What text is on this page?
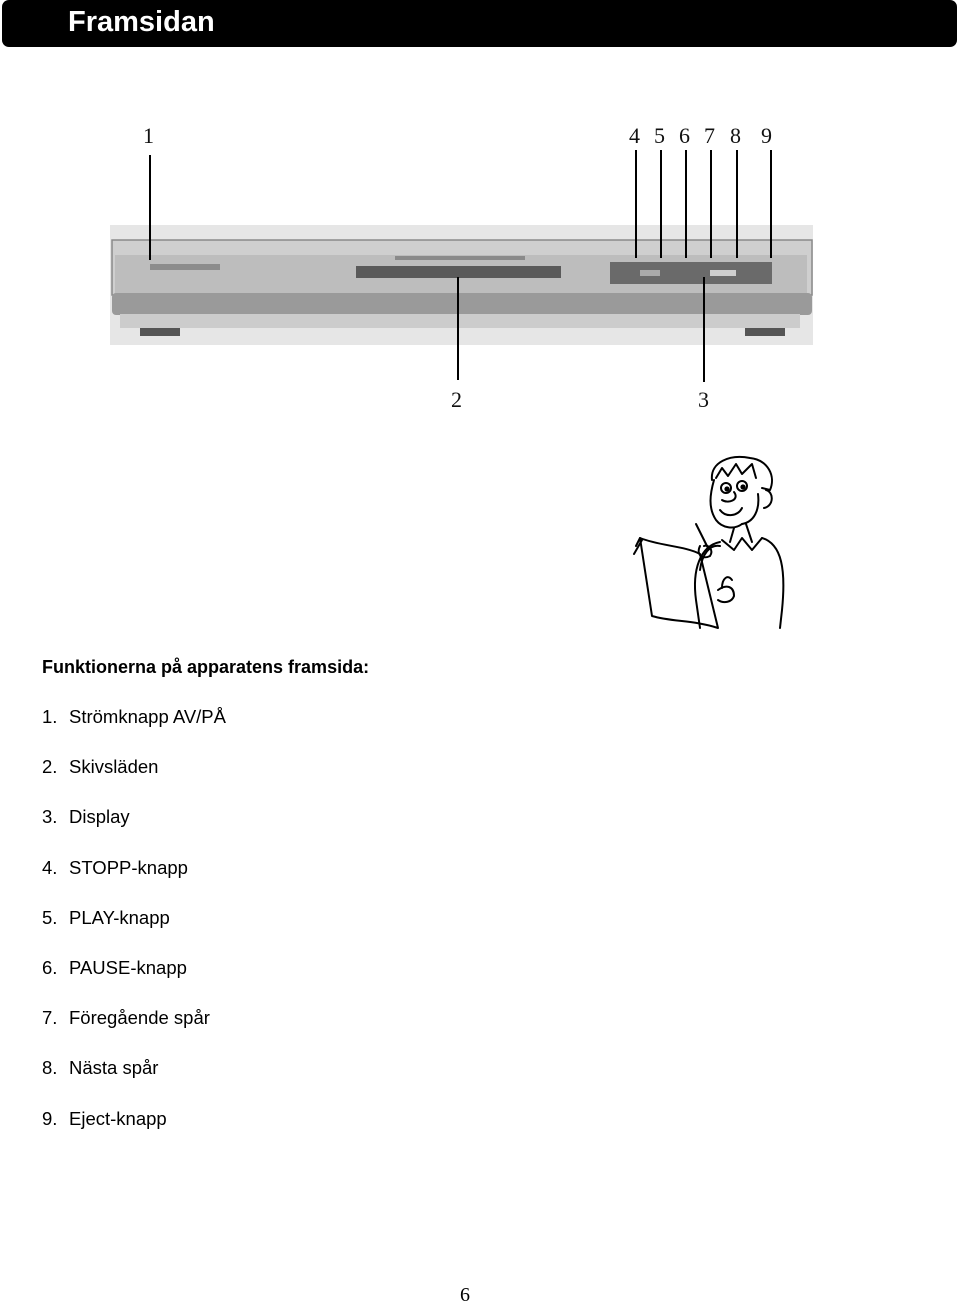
Framsidan
1	4 5 6 7 8 9
2	3
Funktionerna på apparatens framsida:
1. Strömknapp AV/PÅ
2. Skivsläden
3. Display
4. STOPP-knapp
5. PLAY-knapp
6. PAUSE-knapp
7. Föregående spår
8. Nästa spår
9. Eject-knapp
6
